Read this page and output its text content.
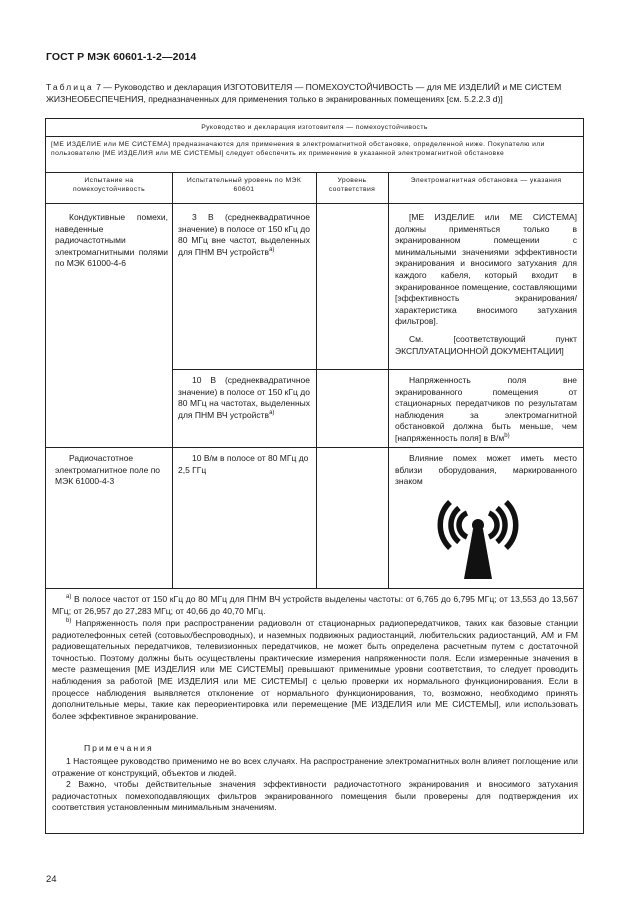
ГОСТ Р МЭК 60601-1-2—2014
Таблица 7 — Руководство и декларация ИЗГОТОВИТЕЛЯ — ПОМЕХОУСТОЙЧИВОСТЬ — для МЕ ИЗДЕЛИЙ и МЕ СИСТЕМ ЖИЗНЕОБЕСПЕЧЕНИЯ, предназначенных для применения только в экранированных помещениях [см. 5.2.2.3 d)]
Руководство и декларация изготовителя — помехоустойчивость
[МЕ ИЗДЕЛИЕ или МЕ СИСТЕМА] предназначаются для применения в электромагнитной обстановке, определенной ниже. Покупателю или пользователю [МЕ ИЗДЕЛИЯ или МЕ СИСТЕМЫ] следует обеспечить их применение в указанной электромагнитной обстановке
Испытание на помехоустойчивость
Испытательный уровень по МЭК 60601
Уровень соответствия
Электромагнитная обстановка — указания
Кондуктивные помехи, наведенные радиочастотными электромагнитными полями по МЭК 61000-4-6
3 В (среднеквадратичное значение) в полосе от 150 кГц до 80 МГц вне частот, выделенных для ПНМ ВЧ устройств$^{a)}$
[МЕ ИЗДЕЛИЕ или МЕ СИСТЕМА] должны применяться только в экранированном помещении с минимальными значениями эффективности экранирования и вносимого затухания для каждого кабеля, который входит в экранированное помещение, составляющими [эффективность экранирования/ характеристика вносимого затухания фильтров].
См. [соответствующий пункт ЭКСПЛУАТАЦИОННОЙ ДОКУМЕНТАЦИИ]
10 В (среднеквадратичное значение) в полосе от 150 кГц до 80 МГц на частотах, выделенных для ПНМ ВЧ устройств$^{a)}$
Напряженность поля вне экранированного помещения от стационарных передатчиков по результатам наблюдения за электромагнитной обстановкой должна быть меньше, чем [напряженность поля] в $В/м^{b)}$
Радиочастотное электромагнитное поле по МЭК 61000-4-3
10 В/м в полосе от 80 МГц до 2,5 ГГц
Влияние помех может иметь место вблизи оборудования, маркированного знаком
$^{a)}$ В полосе частот от 150 кГц до 80 МГц для ПНМ ВЧ устройств выделены частоты: от 6,765 до 6,795 МГц; от 13,553 до 13,567 МГц; от 26,957 до 27,283 МГц; от 40,66 до 40,70 МГц.
$^{b)}$ Напряженность поля при распространении радиоволн от стационарных радиопередатчиков, таких как базовые станции радиотелефонных сетей (сотовых/беспроводных), и наземных подвижных радиостанций, любительских радиостанций, АМ и FM радиовещательных передатчиков, телевизионных передатчиков, не может быть определена расчетным путем с достаточной точностью. Поэтому должны быть осуществлены практические измерения напряженности поля. Если измеренные значения в месте размещения [МЕ ИЗДЕЛИЯ или МЕ СИСТЕМЫ] превышают применимые уровни соответствия, то следует проводить наблюдения за работой [МЕ ИЗДЕЛИЯ или МЕ СИСТЕМЫ] с целью проверки их нормального функционирования. Если в процессе наблюдения выявляется отклонение от нормального функционирования, то, возможно, необходимо принять дополнительные меры, такие как переориентировка или перемещение [МЕ ИЗДЕЛИЯ или МЕ СИСТЕМЫ], или использовать более эффективное экранирование.
Примечания
1 Настоящее руководство применимо не во всех случаях. На распространение электромагнитных волн влияет поглощение или отражение от конструкций, объектов и людей.
2 Важно, чтобы действительные значения эффективности радиочастотного экранирования и вносимого затухания радиочастотных помехоподавляющих фильтров экранированного помещения были проверены для подтверждения их соответствия установленным минимальным значениям.
24
